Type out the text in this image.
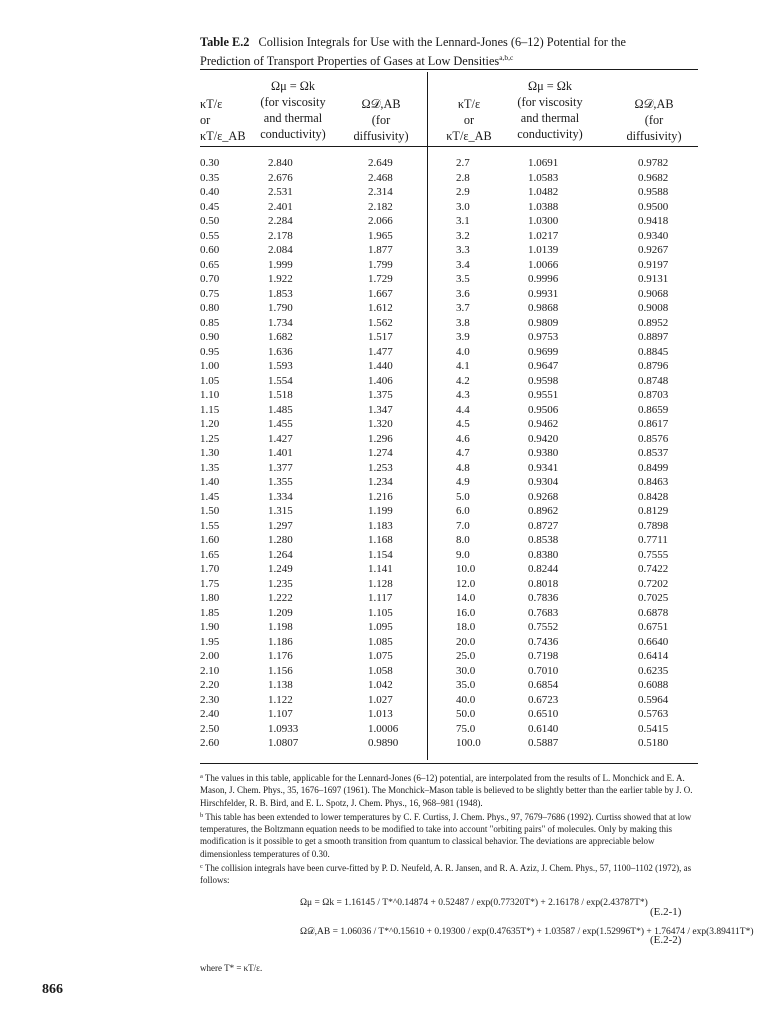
Table E.2 Collision Integrals for Use with the Lennard-Jones (6–12) Potential for the
Prediction of Transport Properties of Gases at Low Densities$^{a,b,c}$
κT/ε
or
κT/ε_AB
Ωμ = Ωk
(for viscosity
and thermal
conductivity)
Ω𝒟,AB
(for
diffusivity)
κT/ε
or
κT/ε_AB
Ωμ = Ωk
(for viscosity
and thermal
conductivity)
Ω𝒟,AB
(for
diffusivity)
0.30
0.35
0.40
0.45
0.50
0.55
0.60
0.65
0.70
0.75
0.80
0.85
0.90
0.95
1.00
1.05
1.10
1.15
1.20
1.25
1.30
1.35
1.40
1.45
1.50
1.55
1.60
1.65
1.70
1.75
1.80
1.85
1.90
1.95
2.00
2.10
2.20
2.30
2.40
2.50
2.60
2.840
2.676
2.531
2.401
2.284
2.178
2.084
1.999
1.922
1.853
1.790
1.734
1.682
1.636
1.593
1.554
1.518
1.485
1.455
1.427
1.401
1.377
1.355
1.334
1.315
1.297
1.280
1.264
1.249
1.235
1.222
1.209
1.198
1.186
1.176
1.156
1.138
1.122
1.107
1.0933
1.0807
2.649
2.468
2.314
2.182
2.066
1.965
1.877
1.799
1.729
1.667
1.612
1.562
1.517
1.477
1.440
1.406
1.375
1.347
1.320
1.296
1.274
1.253
1.234
1.216
1.199
1.183
1.168
1.154
1.141
1.128
1.117
1.105
1.095
1.085
1.075
1.058
1.042
1.027
1.013
1.0006
0.9890
2.7
2.8
2.9
3.0
3.1
3.2
3.3
3.4
3.5
3.6
3.7
3.8
3.9
4.0
4.1
4.2
4.3
4.4
4.5
4.6
4.7
4.8
4.9
5.0
6.0
7.0
8.0
9.0
10.0
12.0
14.0
16.0
18.0
20.0
25.0
30.0
35.0
40.0
50.0
75.0
100.0
1.0691
1.0583
1.0482
1.0388
1.0300
1.0217
1.0139
1.0066
0.9996
0.9931
0.9868
0.9809
0.9753
0.9699
0.9647
0.9598
0.9551
0.9506
0.9462
0.9420
0.9380
0.9341
0.9304
0.9268
0.8962
0.8727
0.8538
0.8380
0.8244
0.8018
0.7836
0.7683
0.7552
0.7436
0.7198
0.7010
0.6854
0.6723
0.6510
0.6140
0.5887
0.9782
0.9682
0.9588
0.9500
0.9418
0.9340
0.9267
0.9197
0.9131
0.9068
0.9008
0.8952
0.8897
0.8845
0.8796
0.8748
0.8703
0.8659
0.8617
0.8576
0.8537
0.8499
0.8463
0.8428
0.8129
0.7898
0.7711
0.7555
0.7422
0.7202
0.7025
0.6878
0.6751
0.6640
0.6414
0.6235
0.6088
0.5964
0.5763
0.5415
0.5180

$^a$ The values in this table, applicable for the Lennard-Jones (6–12) potential, are interpolated from the results of L. Monchick and E. A. Mason, J. Chem. Phys., 35, 1676–1697 (1961). The Monchick–Mason table is believed to be slightly better than the earlier table by J. O. Hirschfelder, R. B. Bird, and E. L. Spotz, J. Chem. Phys., 16, 968–981 (1948).

$^b$ This table has been extended to lower temperatures by C. F. Curtiss, J. Chem. Phys., 97, 7679–7686 (1992). Curtiss showed that at low temperatures, the Boltzmann equation needs to be modified to take into account "orbiting pairs" of molecules. Only by making this modification is it possible to get a smooth transition from quantum to classical behavior. The deviations are appreciable below dimensionless temperatures of 0.30.

$^c$ The collision integrals have been curve-fitted by P. D. Neufeld, A. R. Jansen, and R. A. Aziz, J. Chem. Phys., 57, 1100–1102 (1972), as follows:

Ωμ = Ωk = 1.16145 / T*^0.14874 + 0.52487 / exp(0.77320T*) + 2.16178 / exp(2.43787T*)
(E.2-1)
Ω𝒟,AB = 1.06036 / T*^0.15610 + 0.19300 / exp(0.47635T*) + 1.03587 / exp(1.52996T*) + 1.76474 / exp(3.89411T*)
(E.2-2)
where T* = κT/ε.
866
